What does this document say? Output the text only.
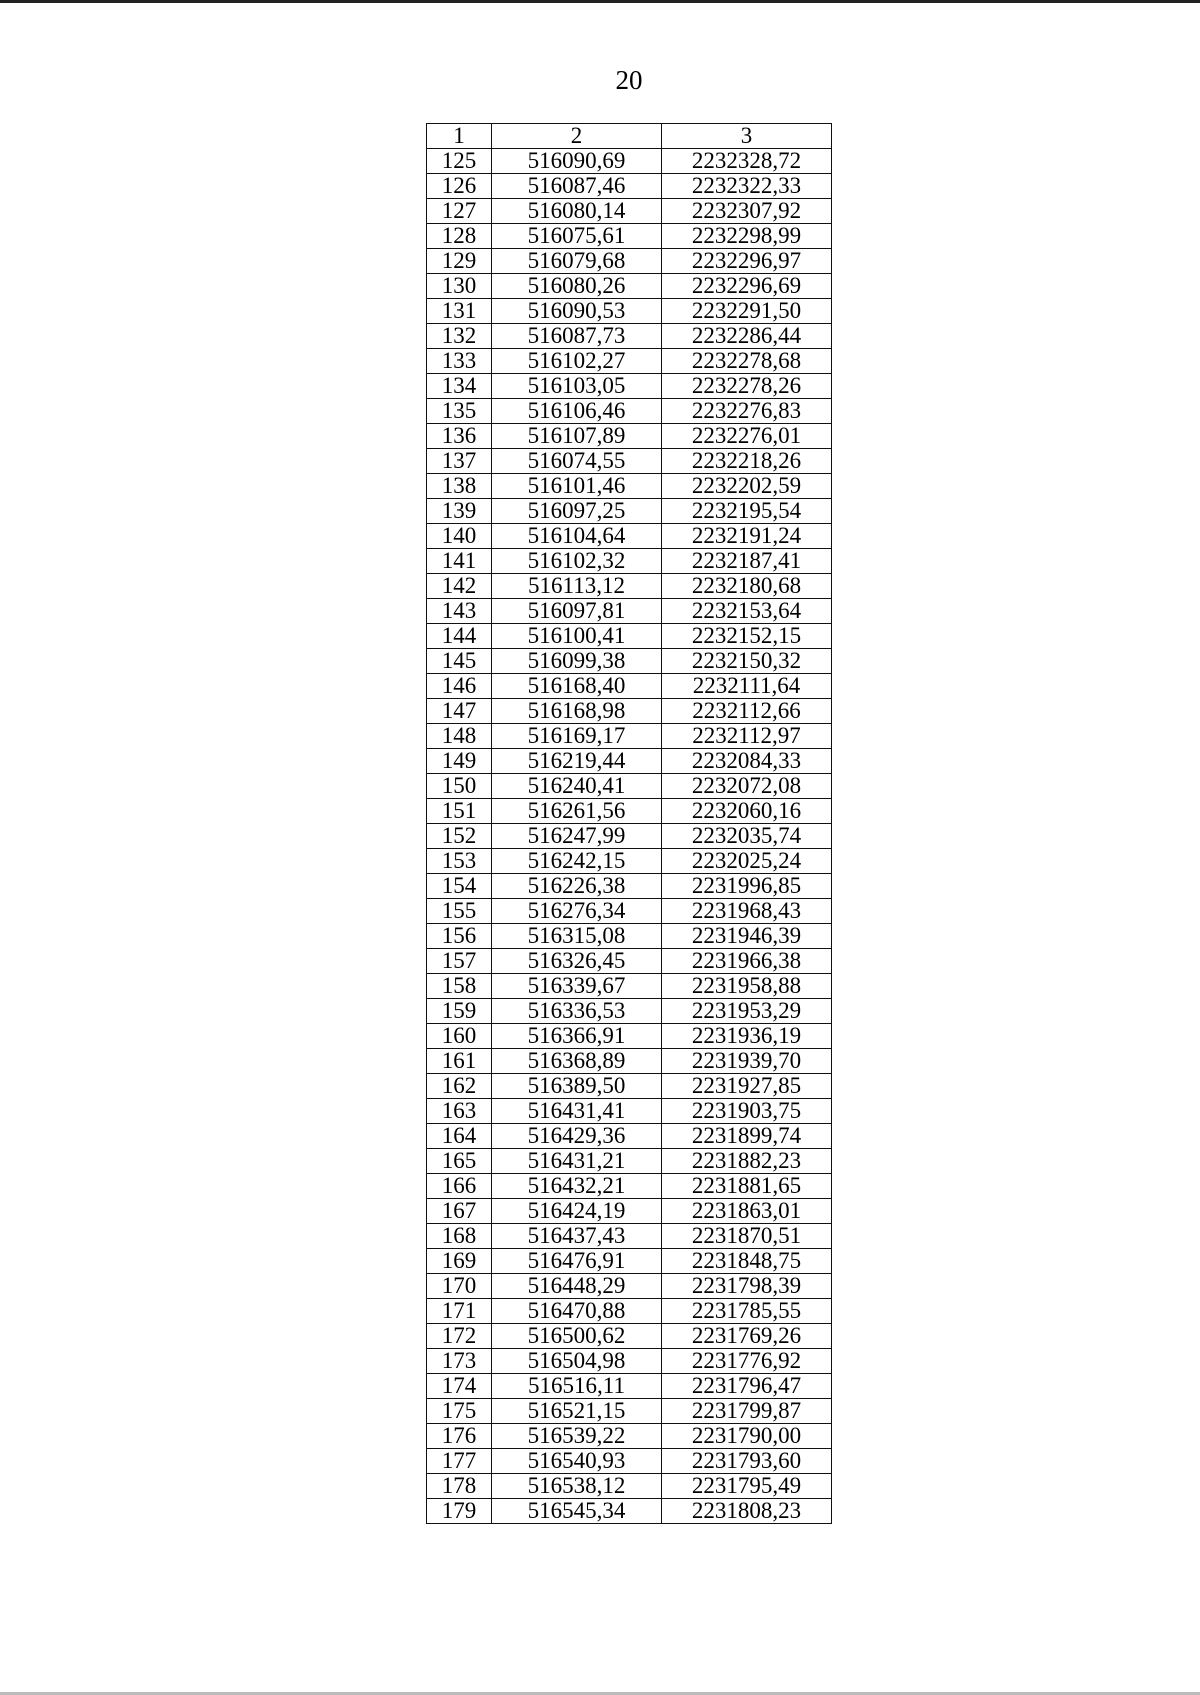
20
1	2	3
125	516090,69	2232328,72
126	516087,46	2232322,33
127	516080,14	2232307,92
128	516075,61	2232298,99
129	516079,68	2232296,97
130	516080,26	2232296,69
131	516090,53	2232291,50
132	516087,73	2232286,44
133	516102,27	2232278,68
134	516103,05	2232278,26
135	516106,46	2232276,83
136	516107,89	2232276,01
137	516074,55	2232218,26
138	516101,46	2232202,59
139	516097,25	2232195,54
140	516104,64	2232191,24
141	516102,32	2232187,41
142	516113,12	2232180,68
143	516097,81	2232153,64
144	516100,41	2232152,15
145	516099,38	2232150,32
146	516168,40	2232111,64
147	516168,98	2232112,66
148	516169,17	2232112,97
149	516219,44	2232084,33
150	516240,41	2232072,08
151	516261,56	2232060,16
152	516247,99	2232035,74
153	516242,15	2232025,24
154	516226,38	2231996,85
155	516276,34	2231968,43
156	516315,08	2231946,39
157	516326,45	2231966,38
158	516339,67	2231958,88
159	516336,53	2231953,29
160	516366,91	2231936,19
161	516368,89	2231939,70
162	516389,50	2231927,85
163	516431,41	2231903,75
164	516429,36	2231899,74
165	516431,21	2231882,23
166	516432,21	2231881,65
167	516424,19	2231863,01
168	516437,43	2231870,51
169	516476,91	2231848,75
170	516448,29	2231798,39
171	516470,88	2231785,55
172	516500,62	2231769,26
173	516504,98	2231776,92
174	516516,11	2231796,47
175	516521,15	2231799,87
176	516539,22	2231790,00
177	516540,93	2231793,60
178	516538,12	2231795,49
179	516545,34	2231808,23
